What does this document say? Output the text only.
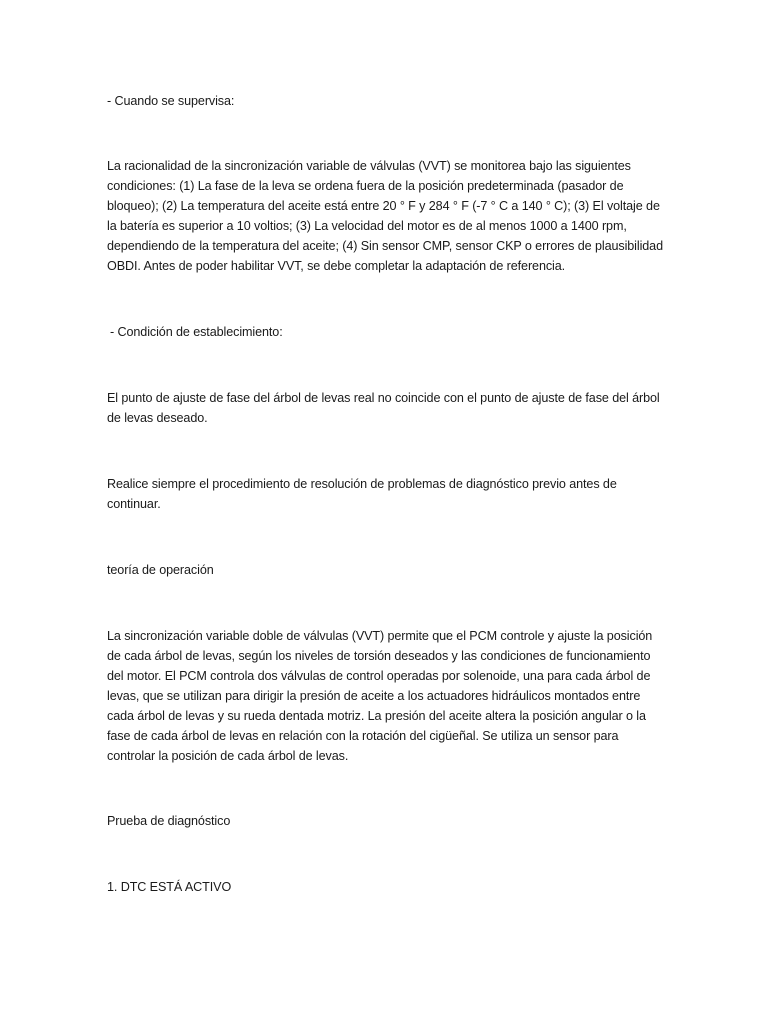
- Cuando se supervisa:

La racionalidad de la sincronización variable de válvulas (VVT) se monitorea bajo las siguientes condiciones: (1) La fase de la leva se ordena fuera de la posición predeterminada (pasador de bloqueo); (2) La temperatura del aceite está entre 20 ° F y 284 ° F (-7 ° C a 140 ° C); (3) El voltaje de la batería es superior a 10 voltios; (3) La velocidad del motor es de al menos 1000 a 1400 rpm, dependiendo de la temperatura del aceite; (4) Sin sensor CMP, sensor CKP o errores de plausibilidad OBDI. Antes de poder habilitar VVT, se debe completar la adaptación de referencia.

- Condición de establecimiento:

El punto de ajuste de fase del árbol de levas real no coincide con el punto de ajuste de fase del árbol de levas deseado.

Realice siempre el procedimiento de resolución de problemas de diagnóstico previo antes de continuar.

teoría de operación

La sincronización variable doble de válvulas (VVT) permite que el PCM controle y ajuste la posición de cada árbol de levas, según los niveles de torsión deseados y las condiciones de funcionamiento del motor. El PCM controla dos válvulas de control operadas por solenoide, una para cada árbol de levas, que se utilizan para dirigir la presión de aceite a los actuadores hidráulicos montados entre cada árbol de levas y su rueda dentada motriz. La presión del aceite altera la posición angular o la fase de cada árbol de levas en relación con la rotación del cigüeñal. Se utiliza un sensor para controlar la posición de cada árbol de levas.

Prueba de diagnóstico

1. DTC ESTÁ ACTIVO
